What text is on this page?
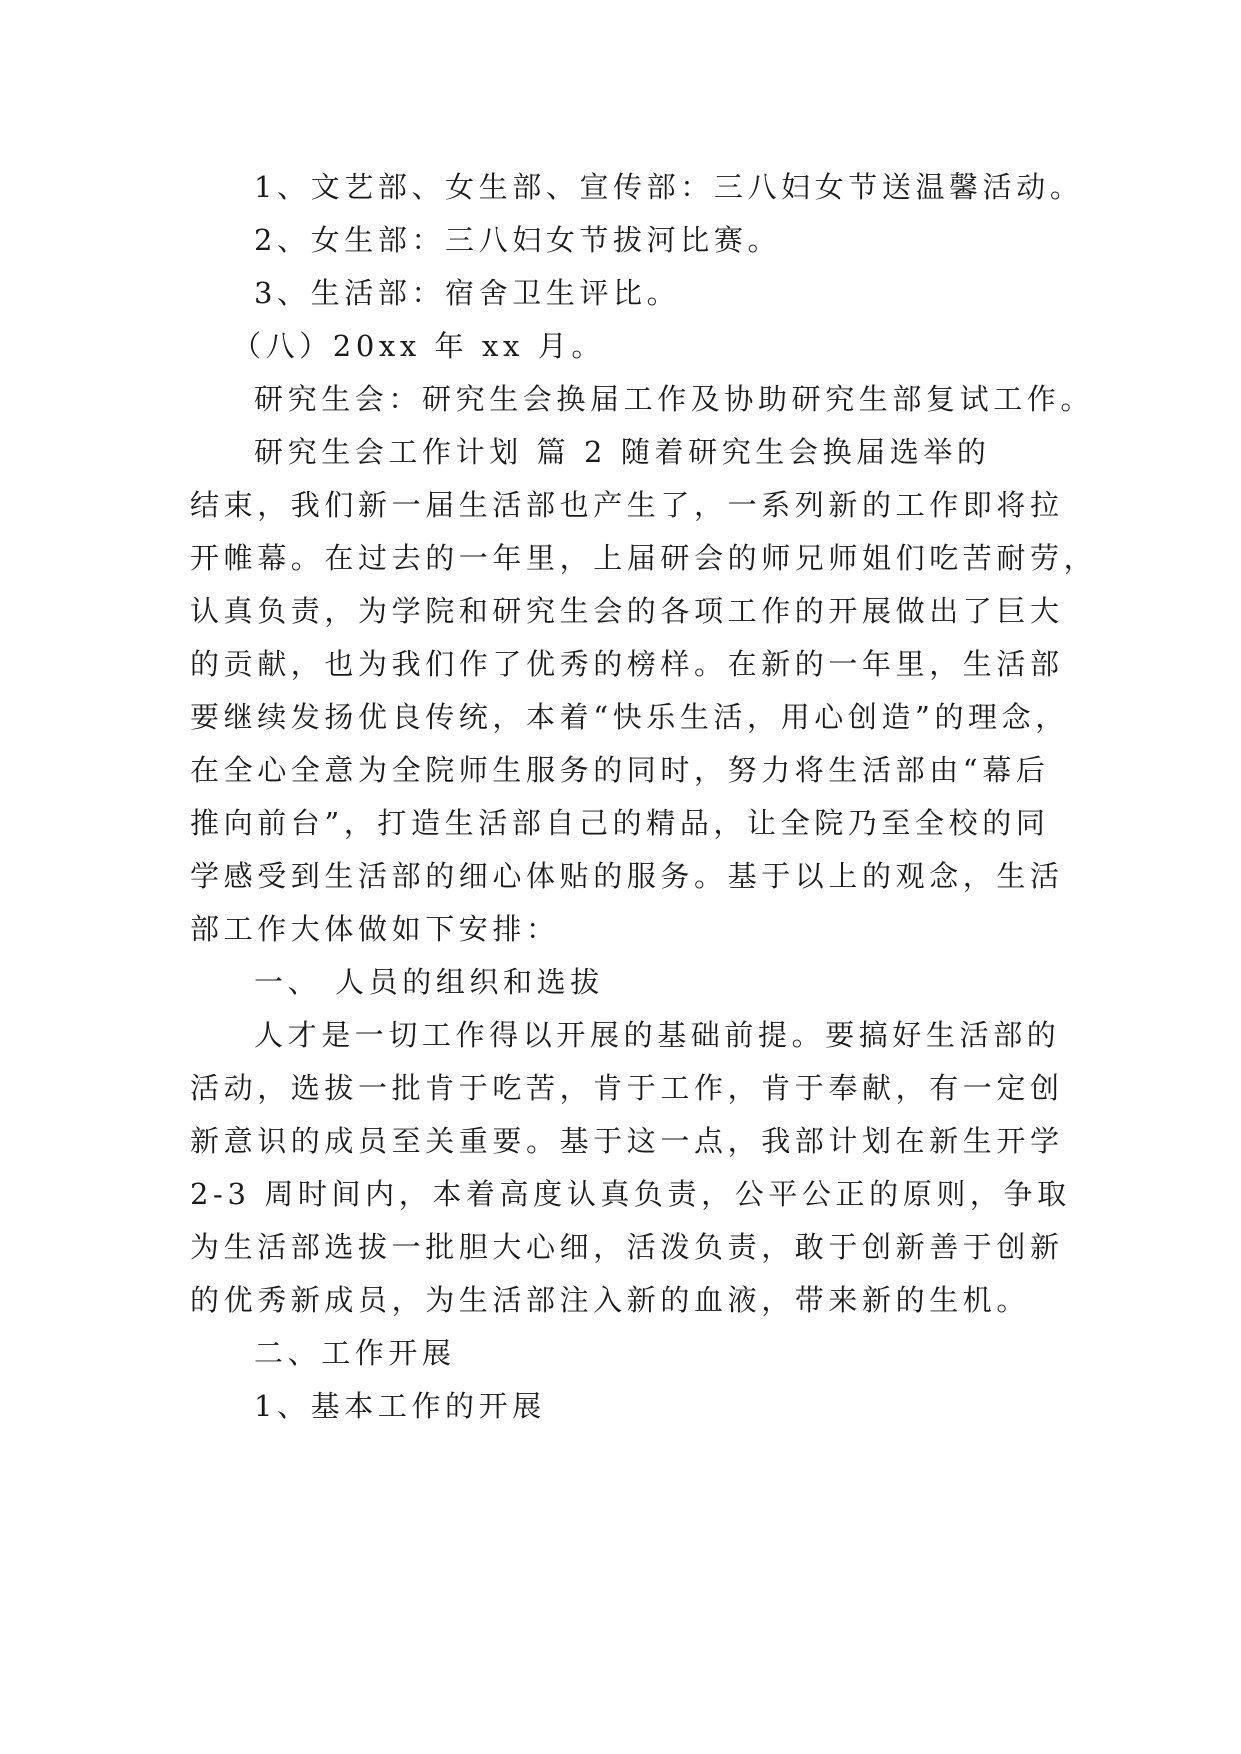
1、文艺部、女生部、宣传部：三八妇女节送温馨活动。
2、女生部：三八妇女节拔河比赛。
3、生活部：宿舍卫生评比。
（八）20xx 年 xx 月。
研究生会：研究生会换届工作及协助研究生部复试工作。
研究生会工作计划 篇 2 随着研究生会换届选举的
结束，我们新一届生活部也产生了，一系列新的工作即将拉
开帷幕。在过去的一年里，上届研会的师兄师姐们吃苦耐劳，
认真负责，为学院和研究生会的各项工作的开展做出了巨大
的贡献，也为我们作了优秀的榜样。在新的一年里，生活部
要继续发扬优良传统，本着“快乐生活，用心创造”的理念，
在全心全意为全院师生服务的同时，努力将生活部由“幕后
推向前台”，打造生活部自己的精品，让全院乃至全校的同
学感受到生活部的细心体贴的服务。基于以上的观念，生活
部工作大体做如下安排：
一、 人员的组织和选拔
人才是一切工作得以开展的基础前提。要搞好生活部的
活动，选拔一批肯于吃苦，肯于工作，肯于奉献，有一定创
新意识的成员至关重要。基于这一点，我部计划在新生开学
2-3 周时间内，本着高度认真负责，公平公正的原则，争取
为生活部选拔一批胆大心细，活泼负责，敢于创新善于创新
的优秀新成员，为生活部注入新的血液，带来新的生机。
二、工作开展
1、基本工作的开展
